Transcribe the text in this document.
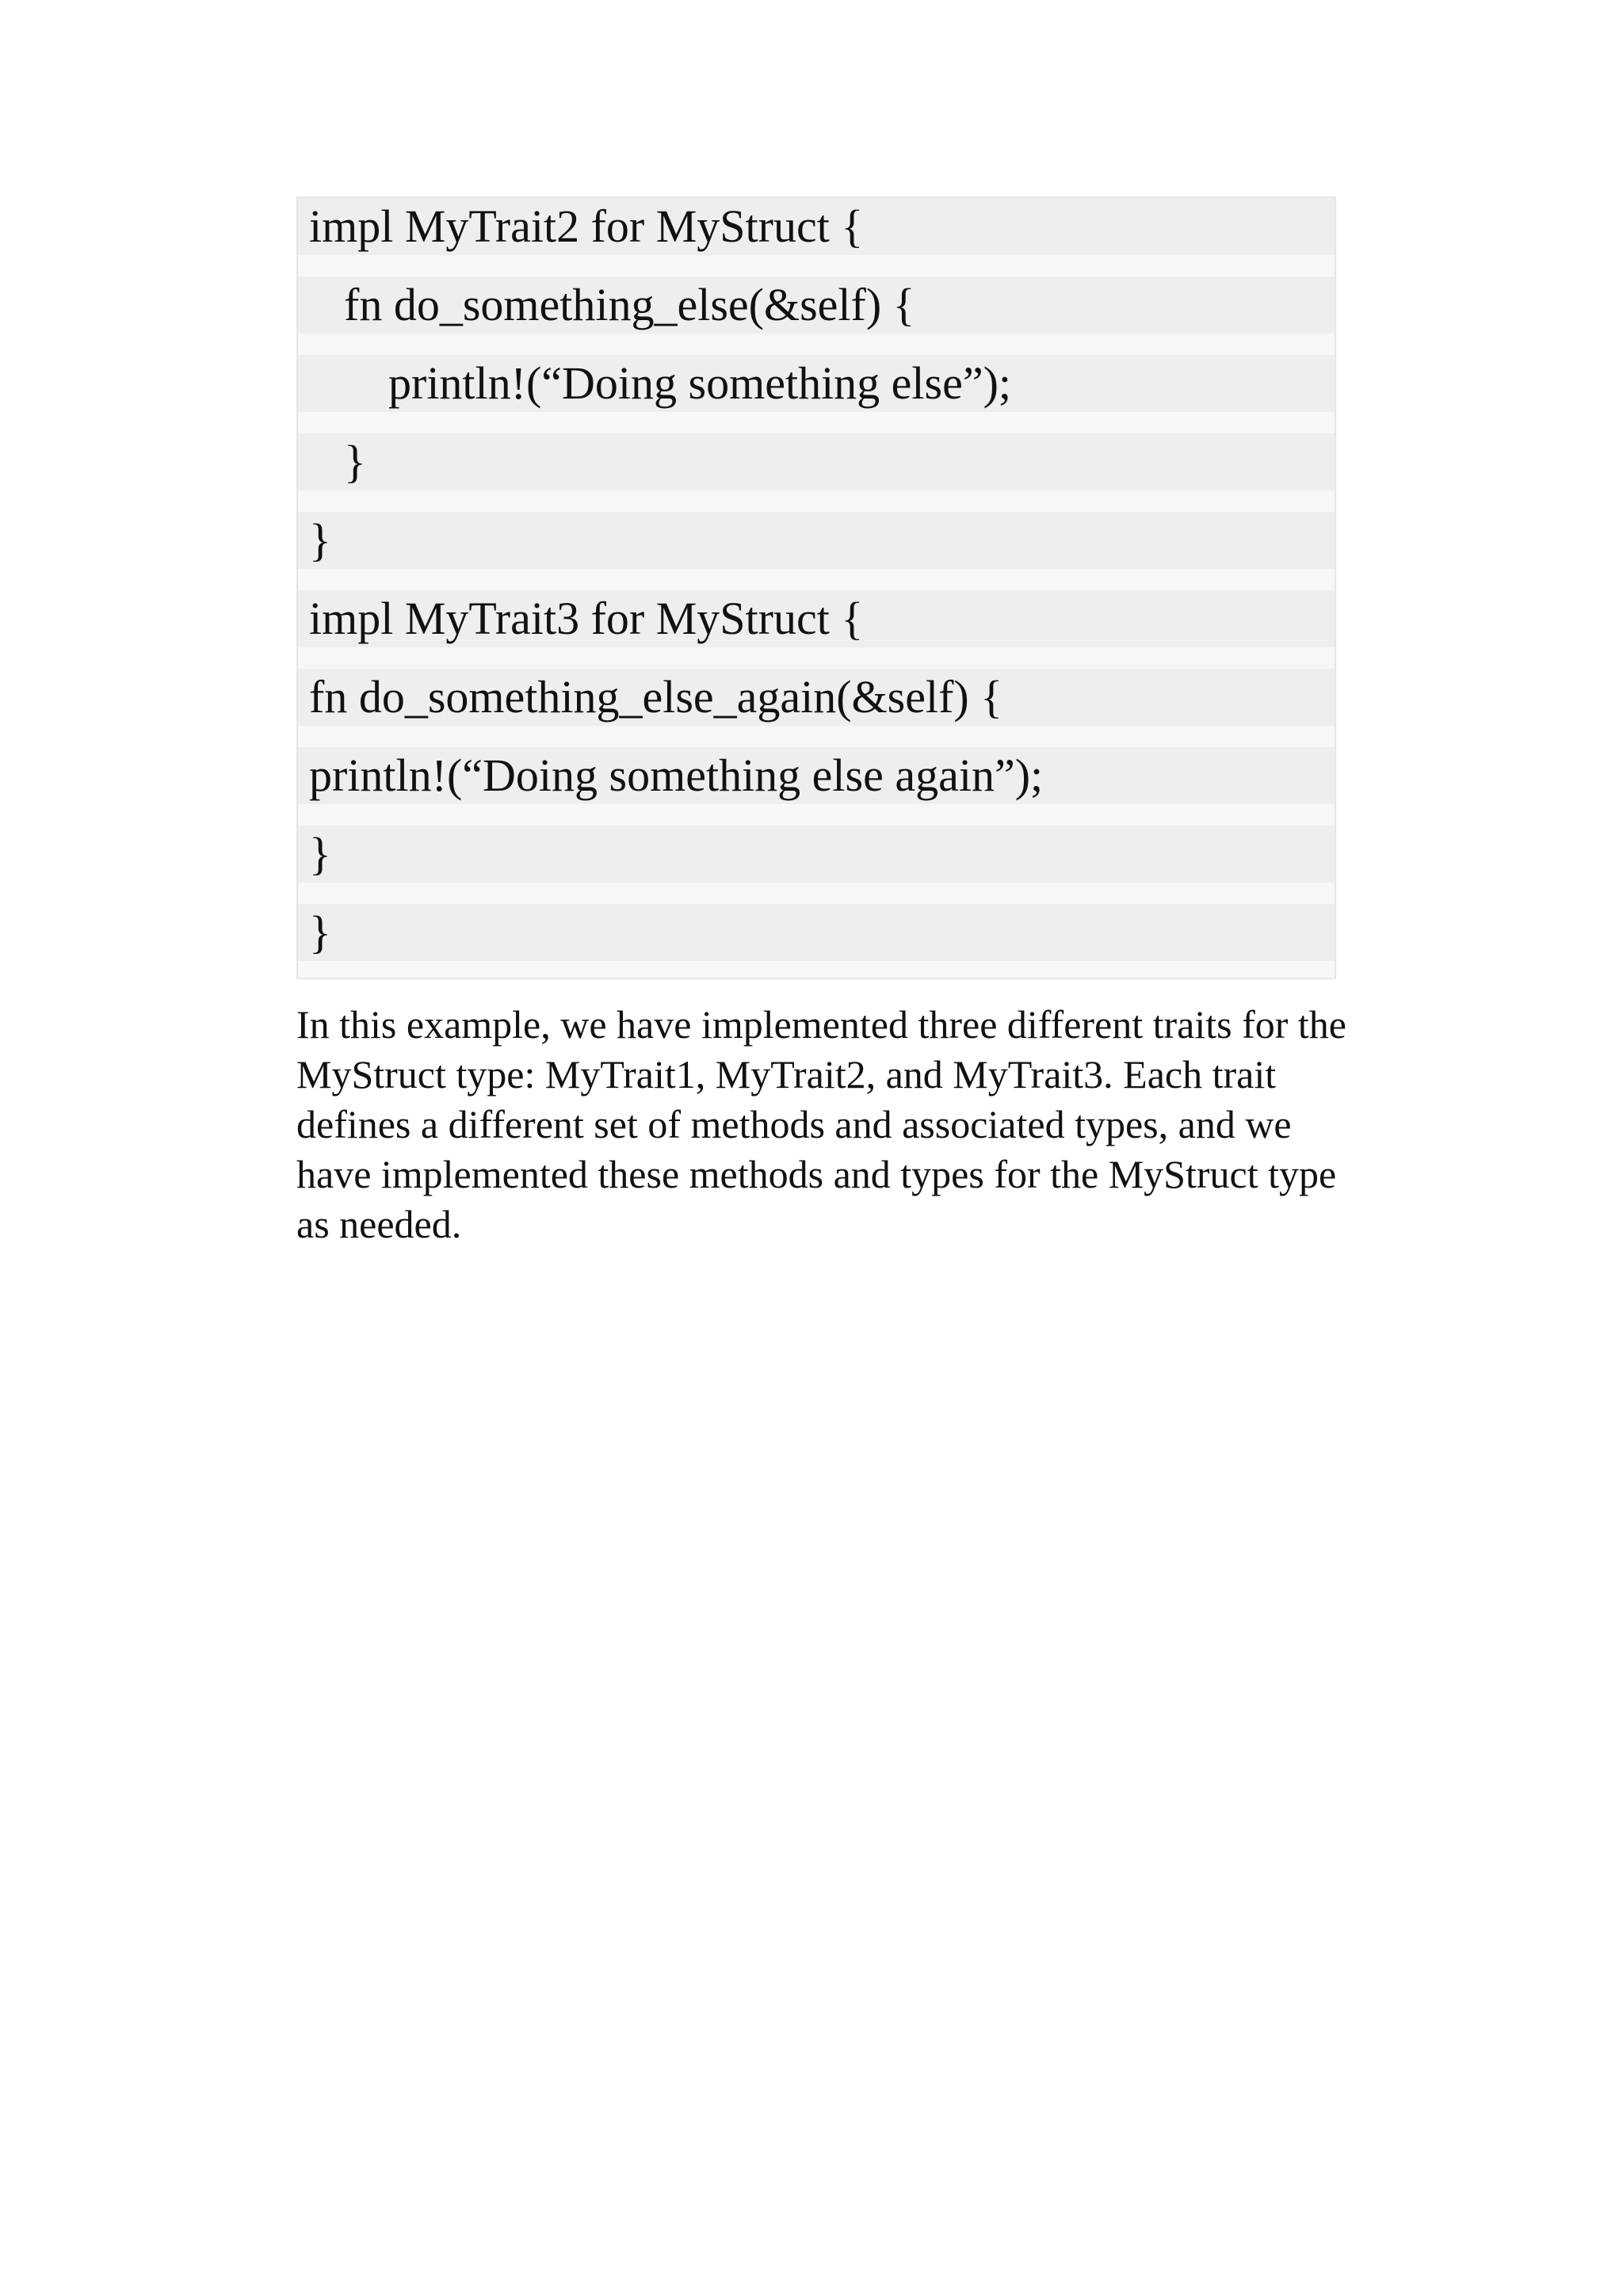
impl MyTrait2 for MyStruct {
fn do_something_else(&self) {
println!(“Doing something else”);
}
}
impl MyTrait3 for MyStruct {
fn do_something_else_again(&self) {
println!(“Doing something else again”);
}
}

In this example, we have implemented three different traits for the MyStruct type: MyTrait1, MyTrait2, and MyTrait3. Each trait defines a different set of methods and associated types, and we have implemented these methods and types for the MyStruct type as needed.
